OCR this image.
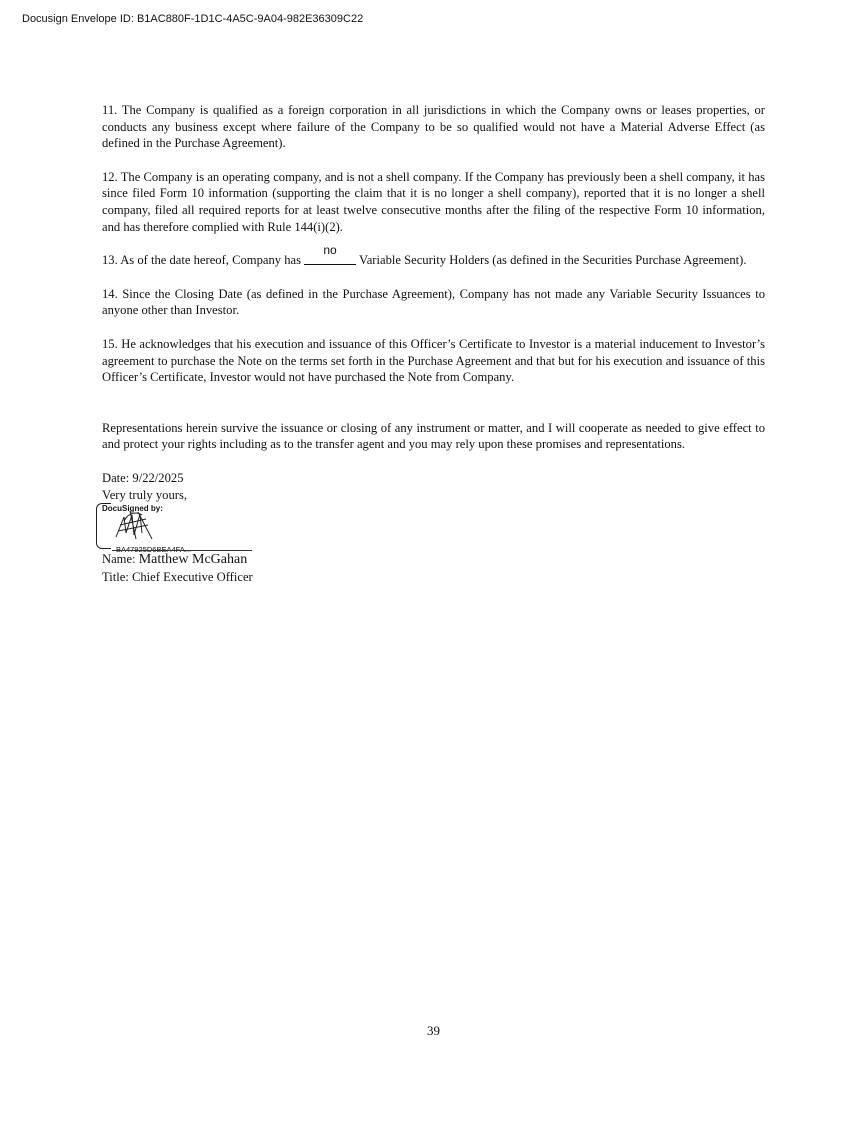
Docusign Envelope ID: B1AC880F-1D1C-4A5C-9A04-982E36309C22

11. The Company is qualified as a foreign corporation in all jurisdictions in which the Company owns or leases properties, or conducts any business except where failure of the Company to be so qualified would not have a Material Adverse Effect (as defined in the Purchase Agreement).

12. The Company is an operating company, and is not a shell company. If the Company has previously been a shell company, it has since filed Form 10 information (supporting the claim that it is no longer a shell company), reported that it is no longer a shell company, filed all required reports for at least twelve consecutive months after the filing of the respective Form 10 information, and has therefore complied with Rule 144(i)(2).

13. As of the date hereof, Company has
no
Variable Security Holders (as defined in the Securities Purchase Agreement).

14. Since the Closing Date (as defined in the Purchase Agreement), Company has not made any Variable Security Issuances to anyone other than Investor.

15. He acknowledges that his execution and issuance of this Officer’s Certificate to Investor is a material inducement to Investor’s agreement to purchase the Note on the terms set forth in the Purchase Agreement and that but for his execution and issuance of this Officer’s Certificate, Investor would not have purchased the Note from Company.

Representations herein survive the issuance or closing of any instrument or matter, and I will cooperate as needed to give effect to and protect your rights including as to the transfer agent and you may rely upon these promises and representations.

Date: 9/22/2025

Very truly yours,

DocuSigned by:
BA47925D6BEA4FA...

Name: Matthew McGahan

Title: Chief Executive Officer

39
